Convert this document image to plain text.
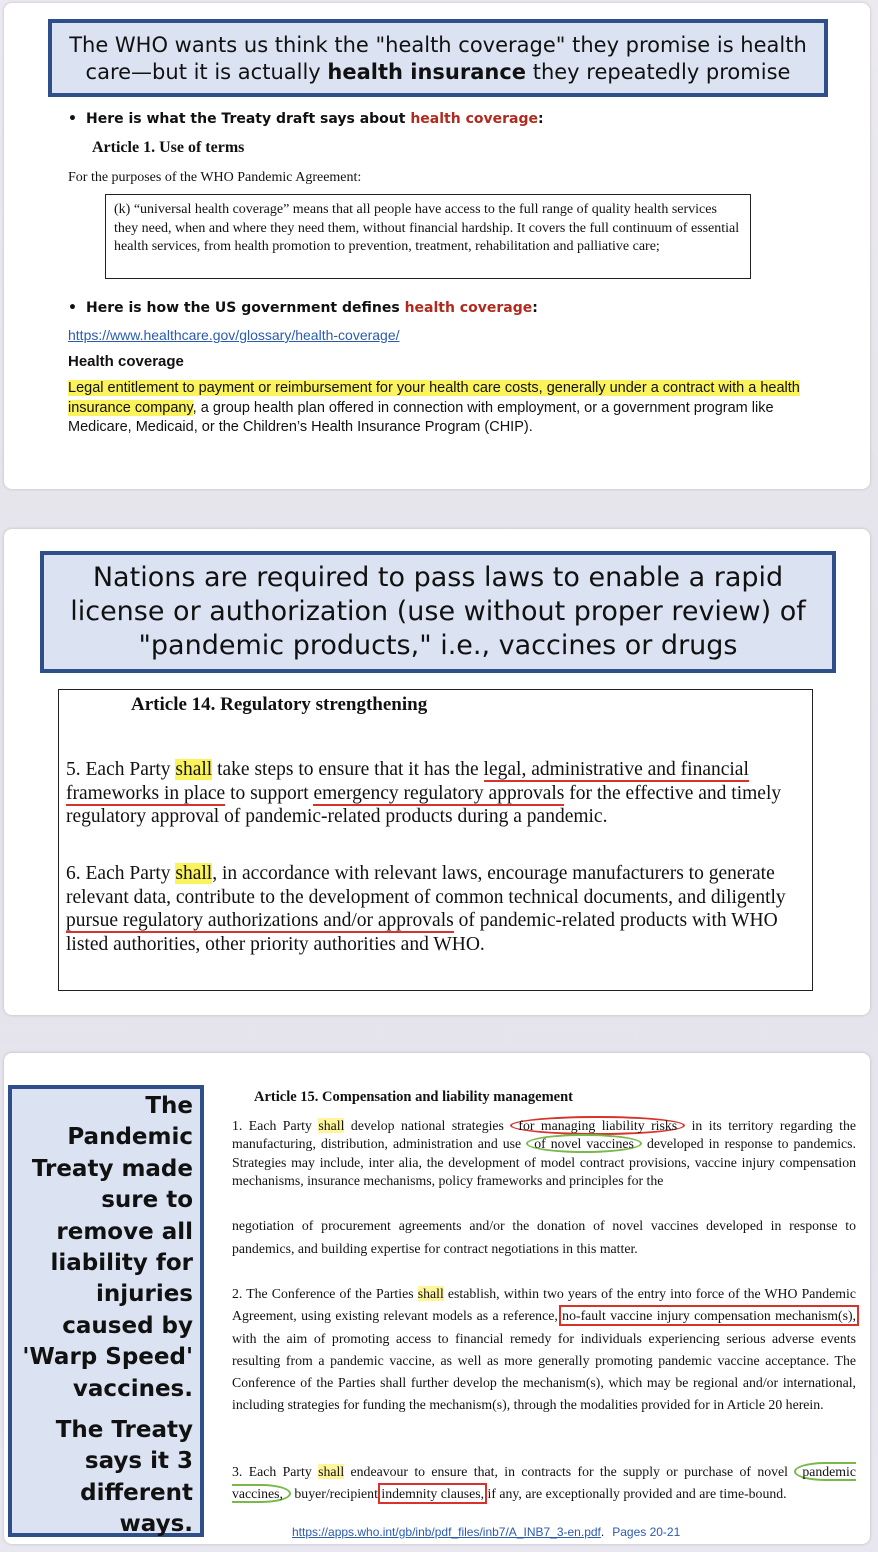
The WHO wants us think the "health coverage" they promise is health care—but it is actually health insurance they repeatedly promise
• Here is what the Treaty draft says about health coverage:
Article 1. Use of terms
For the purposes of the WHO Pandemic Agreement:
(k) “universal health coverage” means that all people have access to the full range of quality health services they need, when and where they need them, without financial hardship. It covers the full continuum of essential health services, from health promotion to prevention, treatment, rehabilitation and palliative care;
• Here is how the US government defines health coverage:
https://www.healthcare.gov/glossary/health-coverage/
Health coverage
Legal entitlement to payment or reimbursement for your health care costs, generally under a contract with a health insurance company, a group health plan offered in connection with employment, or a government program like Medicare, Medicaid, or the Children’s Health Insurance Program (CHIP).
Nations are required to pass laws to enable a rapid license or authorization (use without proper review) of "pandemic products," i.e., vaccines or drugs
Article 14. Regulatory strengthening
5. Each Party shall take steps to ensure that it has the legal, administrative and financial frameworks in place to support emergency regulatory approvals for the effective and timely regulatory approval of pandemic-related products during a pandemic.
6. Each Party shall, in accordance with relevant laws, encourage manufacturers to generate relevant data, contribute to the development of common technical documents, and diligently pursue regulatory authorizations and/or approvals of pandemic-related products with WHO listed authorities, other priority authorities and WHO.

The Pandemic Treaty made sure to remove all liability for injuries caused by 'Warp Speed' vaccines.

The Treaty says it 3 different ways.

Article 15. Compensation and liability management
1. Each Party shall develop national strategies for managing liability risks in its territory regarding the manufacturing, distribution, administration and use of novel vaccines developed in response to pandemics. Strategies may include, inter alia, the development of model contract provisions, vaccine injury compensation mechanisms, insurance mechanisms, policy frameworks and principles for the
negotiation of procurement agreements and/or the donation of novel vaccines developed in response to pandemics, and building expertise for contract negotiations in this matter.
2. The Conference of the Parties shall establish, within two years of the entry into force of the WHO Pandemic Agreement, using existing relevant models as a reference, no-fault vaccine injury compensation mechanism(s), with the aim of promoting access to financial remedy for individuals experiencing serious adverse events resulting from a pandemic vaccine, as well as more generally promoting pandemic vaccine acceptance. The Conference of the Parties shall further develop the mechanism(s), which may be regional and/or international, including strategies for funding the mechanism(s), through the modalities provided for in Article 20 herein.
3. Each Party shall endeavour to ensure that, in contracts for the supply or purchase of novel pandemic vaccines, buyer/recipient indemnity clauses, if any, are exceptionally provided and are time-bound.
https://apps.who.int/gb/inb/pdf_files/inb7/A_INB7_3-en.pdf. Pages 20-21
